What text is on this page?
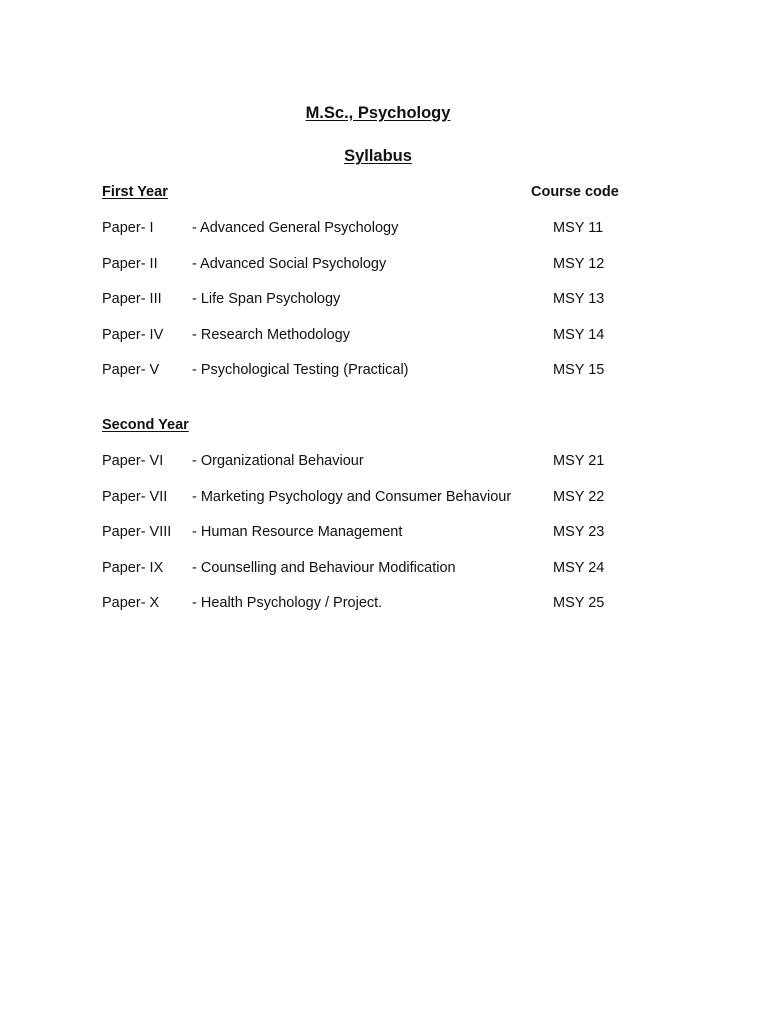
M.Sc., Psychology
Syllabus
First Year	Course code
Paper- I	- Advanced General Psychology	MSY 11
Paper- II - Advanced Social Psychology	MSY 12
Paper- III - Life Span Psychology	MSY 13
Paper- IV - Research Methodology	MSY 14
Paper- V - Psychological Testing (Practical)	MSY 15
Second Year
Paper- VI - Organizational Behaviour	MSY 21
Paper- VII - Marketing Psychology and Consumer Behaviour	MSY 22
Paper- VIII - Human Resource Management	MSY 23
Paper- IX - Counselling and Behaviour Modification	MSY 24
Paper- X - Health Psychology / Project.	MSY 25
